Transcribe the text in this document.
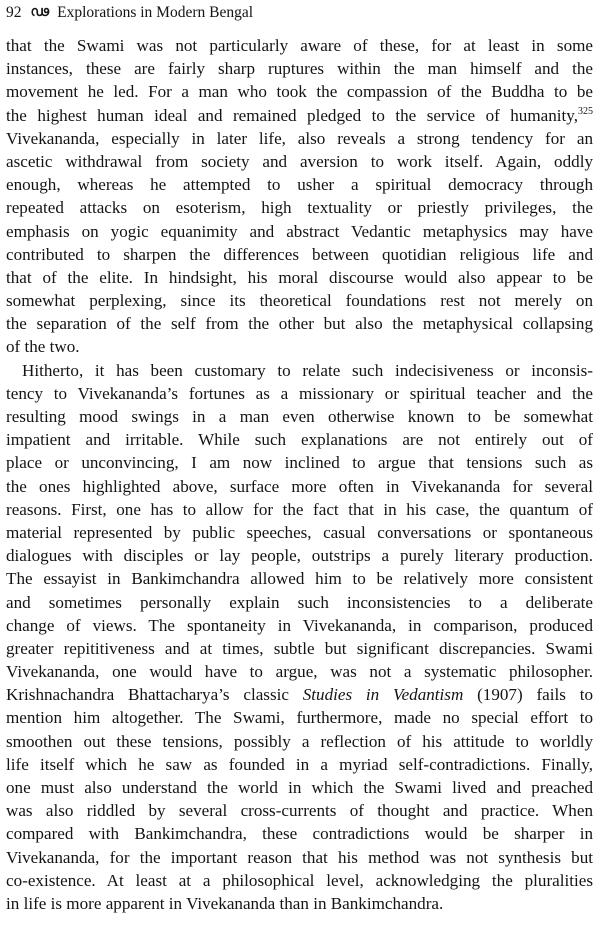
92 ഢ Explorations in Modern Bengal

that the Swami was not particularly aware of these, for at least in some
instances, these are fairly sharp ruptures within the man himself and the
movement he led. For a man who took the compassion of the Buddha to be
the highest human ideal and remained pledged to the service of humanity,$^{325}$
Vivekananda, especially in later life, also reveals a strong tendency for an
ascetic withdrawal from society and aversion to work itself. Again, oddly
enough, whereas he attempted to usher a spiritual democracy through
repeated attacks on esoterism, high textuality or priestly privileges, the
emphasis on yogic equanimity and abstract Vedantic metaphysics may have
contributed to sharpen the differences between quotidian religious life and
that of the elite. In hindsight, his moral discourse would also appear to be
somewhat perplexing, since its theoretical foundations rest not merely on
the separation of the self from the other but also the metaphysical collapsing
of the two.

Hitherto, it has been customary to relate such indecisiveness or inconsis-
tency to Vivekananda’s fortunes as a missionary or spiritual teacher and the
resulting mood swings in a man even otherwise known to be somewhat
impatient and irritable. While such explanations are not entirely out of
place or unconvincing, I am now inclined to argue that tensions such as
the ones highlighted above, surface more often in Vivekananda for several
reasons. First, one has to allow for the fact that in his case, the quantum of
material represented by public speeches, casual conversations or spontaneous
dialogues with disciples or lay people, outstrips a purely literary production.
The essayist in Bankimchandra allowed him to be relatively more consistent
and sometimes personally explain such inconsistencies to a deliberate
change of views. The spontaneity in Vivekananda, in comparison, produced
greater repititiveness and at times, subtle but significant discrepancies. Swami
Vivekananda, one would have to argue, was not a systematic philosopher.
Krishnachandra Bhattacharya’s classic Studies in Vedantism (1907) fails to
mention him altogether. The Swami, furthermore, made no special effort to
smoothen out these tensions, possibly a reflection of his attitude to worldly
life itself which he saw as founded in a myriad self-contradictions. Finally,
one must also understand the world in which the Swami lived and preached
was also riddled by several cross-currents of thought and practice. When
compared with Bankimchandra, these contradictions would be sharper in
Vivekananda, for the important reason that his method was not synthesis but
co-existence. At least at a philosophical level, acknowledging the pluralities
in life is more apparent in Vivekananda than in Bankimchandra.
